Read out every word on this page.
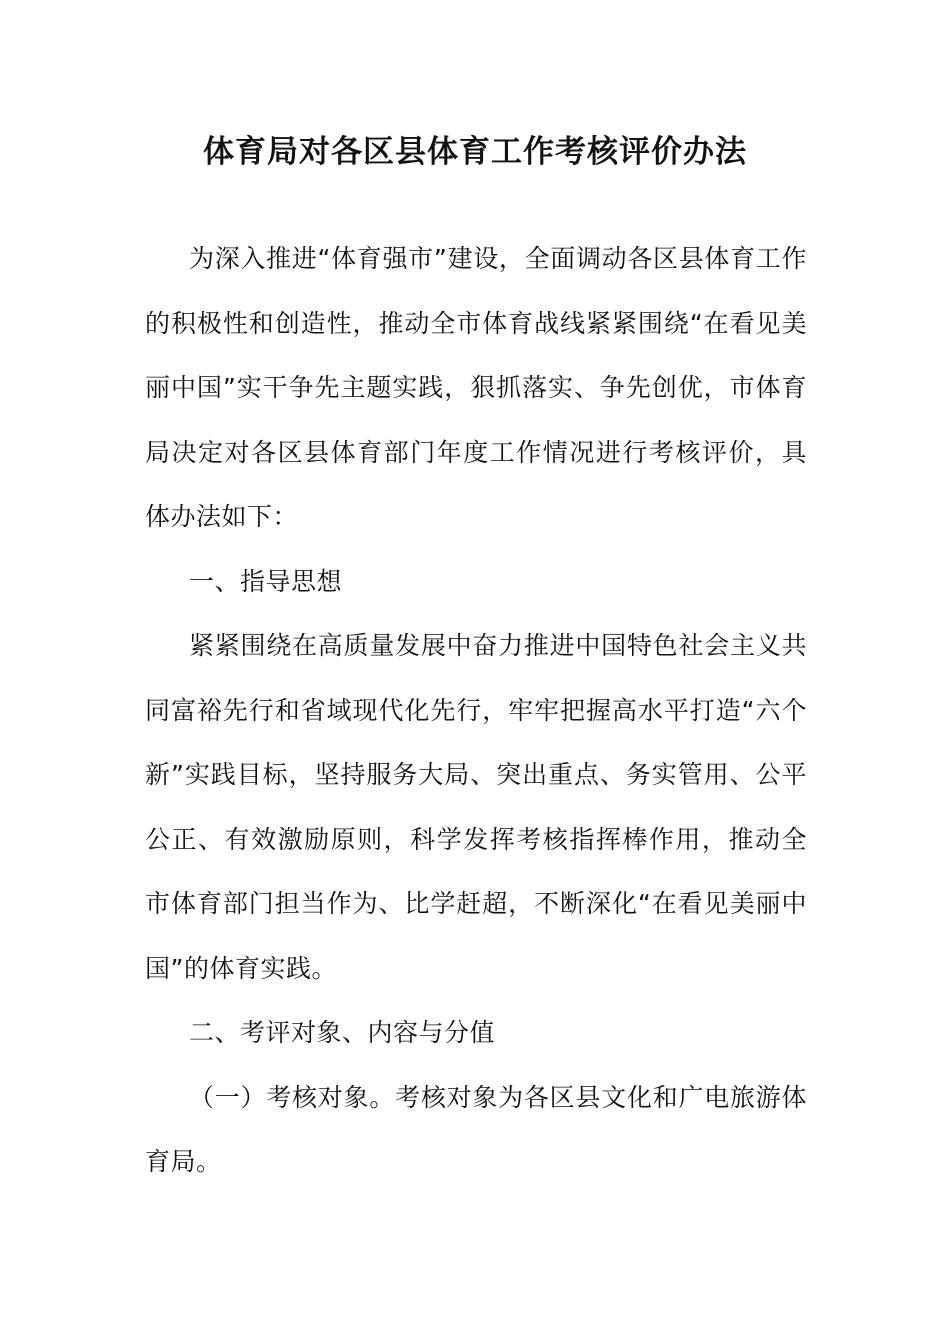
体育局对各区县体育工作考核评价办法

为深入推进“体育强市”建设，全面调动各区县体育工作的积极性和创造性，推动全市体育战线紧紧围绕“在看见美丽中国”实干争先主题实践，狠抓落实、争先创优，市体育局决定对各区县体育部门年度工作情况进行考核评价，具体办法如下：

一、指导思想

紧紧围绕在高质量发展中奋力推进中国特色社会主义共同富裕先行和省域现代化先行，牢牢把握高水平打造“六个新”实践目标，坚持服务大局、突出重点、务实管用、公平公正、有效激励原则，科学发挥考核指挥棒作用，推动全市体育部门担当作为、比学赶超，不断深化“在看见美丽中国”的体育实践。

二、考评对象、内容与分值

（一）考核对象。考核对象为各区县文化和广电旅游体育局。
